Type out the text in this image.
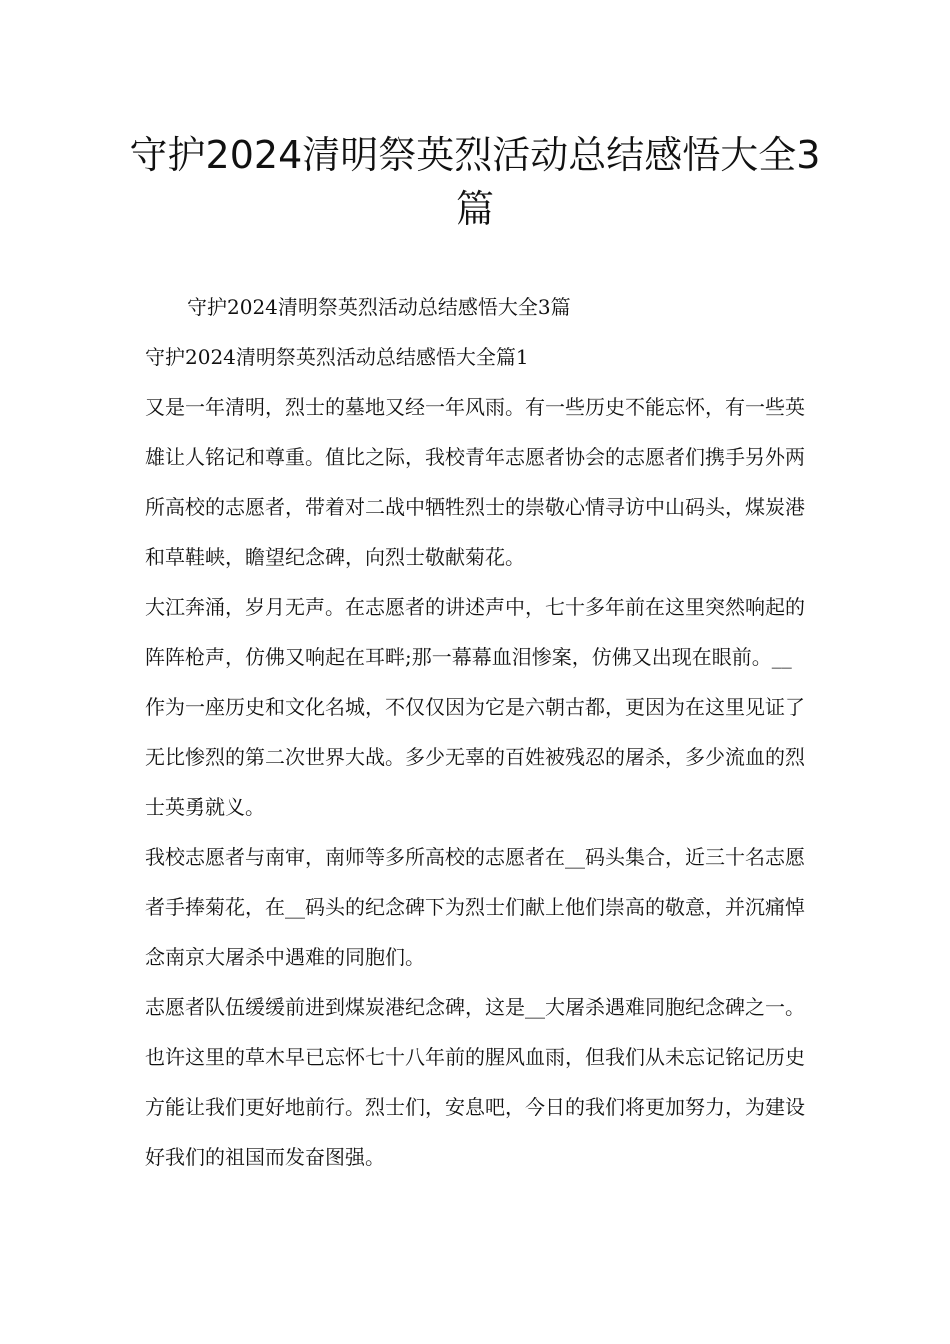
守护2024清明祭英烈活动总结感悟大全3篇

守护2024清明祭英烈活动总结感悟大全3篇

守护2024清明祭英烈活动总结感悟大全篇1

又是一年清明，烈士的墓地又经一年风雨。有一些历史不能忘怀，有一些英雄让人铭记和尊重。值比之际，我校青年志愿者协会的志愿者们携手另外两所高校的志愿者，带着对二战中牺牲烈士的崇敬心情寻访中山码头，煤炭港和草鞋峡，瞻望纪念碑，向烈士敬献菊花。

大江奔涌，岁月无声。在志愿者的讲述声中，七十多年前在这里突然响起的阵阵枪声，仿佛又响起在耳畔;那一幕幕血泪惨案，仿佛又出现在眼前。__作为一座历史和文化名城，不仅仅因为它是六朝古都，更因为在这里见证了无比惨烈的第二次世界大战。多少无辜的百姓被残忍的屠杀，多少流血的烈士英勇就义。

我校志愿者与南审，南师等多所高校的志愿者在__码头集合，近三十名志愿者手捧菊花，在__码头的纪念碑下为烈士们献上他们崇高的敬意，并沉痛悼念南京大屠杀中遇难的同胞们。

志愿者队伍缓缓前进到煤炭港纪念碑，这是__大屠杀遇难同胞纪念碑之一。也许这里的草木早已忘怀七十八年前的腥风血雨，但我们从未忘记铭记历史方能让我们更好地前行。烈士们，安息吧，今日的我们将更加努力，为建设好我们的祖国而发奋图强。
